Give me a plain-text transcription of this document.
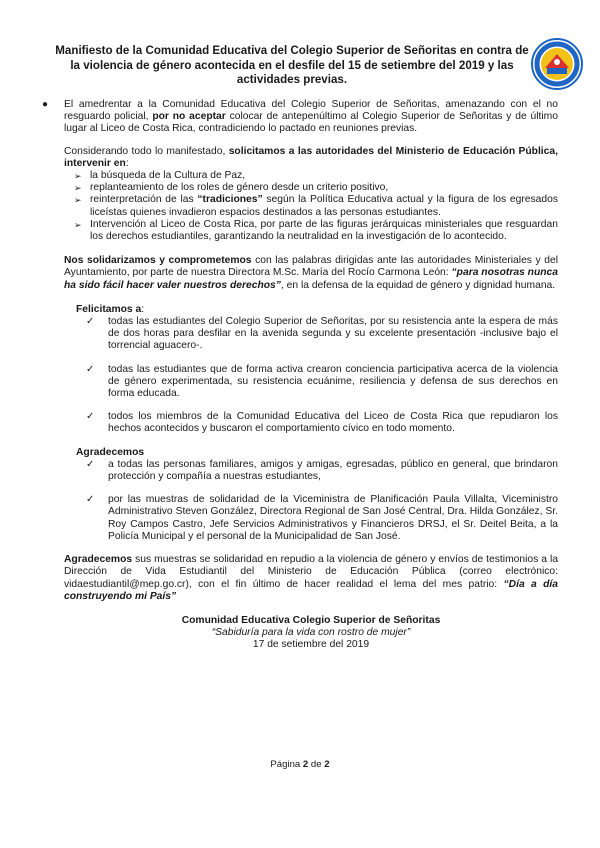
Manifiesto de la Comunidad Educativa del Colegio Superior de Señoritas en contra de la violencia de género acontecida en el desfile del 15 de setiembre del 2019 y las actividades previas.

● El amedrentar a la Comunidad Educativa del Colegio Superior de Señoritas, amenazando con el no resguardo policial, por no aceptar colocar de antepenúltimo al Colegio Superior de Señoritas y de último lugar al Liceo de Costa Rica, contradiciendo lo pactado en reuniones previas.

Considerando todo lo manifestado, solicitamos a las autoridades del Ministerio de Educación Pública, intervenir en:

➢ la búsqueda de la Cultura de Paz,
➢ replanteamiento de los roles de género desde un criterio positivo,
➢ reinterpretación de las “tradiciones” según la Política Educativa actual y la figura de los egresados liceístas quienes invadieron espacios destinados a las personas estudiantes.
➢ Intervención al Liceo de Costa Rica, por parte de las figuras jerárquicas ministeriales que resguardan los derechos estudiantiles, garantizando la neutralidad en la investigación de lo acontecido.

Nos solidarizamos y comprometemos con las palabras dirigidas ante las autoridades Ministeriales y del Ayuntamiento, por parte de nuestra Directora M.Sc. María del Rocío Carmona León: “para nosotras nunca ha sido fácil hacer valer nuestros derechos”, en la defensa de la equidad de género y dignidad humana.

Felicitamos a:

✓ todas las estudiantes del Colegio Superior de Señoritas, por su resistencia ante la espera de más de dos horas para desfilar en la avenida segunda y su excelente presentación -inclusive bajo el torrencial aguacero-.
✓ todas las estudiantes que de forma activa crearon conciencia participativa acerca de la violencia de género experimentada, su resistencia ecuánime, resiliencia y defensa de sus derechos en forma educada.
✓ todos los miembros de la Comunidad Educativa del Liceo de Costa Rica que repudiaron los hechos acontecidos y buscaron el comportamiento cívico en todo momento.

Agradecemos

✓ a todas las personas familiares, amigos y amigas, egresadas, público en general, que brindaron protección y compañía a nuestras estudiantes,
✓ por las muestras de solidaridad de la Viceministra de Planificación Paula Villalta, Viceministro Administrativo Steven González, Directora Regional de San José Central, Dra. Hilda González, Sr. Roy Campos Castro, Jefe Servicios Administrativos y Financieros DRSJ, el Sr. Deitel Beita, a la Policía Municipal y el personal de la Municipalidad de San José.

Agradecemos sus muestras se solidaridad en repudio a la violencia de género y envíos de testimonios a la Dirección de Vida Estudiantil del Ministerio de Educación Pública (correo electrónico: vidaestudiantil@mep.go.cr), con el fin último de hacer realidad el lema del mes patrio: “Día a día construyendo mi País”

Comunidad Educativa Colegio Superior de Señoritas
“Sabiduría para la vida con rostro de mujer”
17 de setiembre del 2019
Página 2 de 2
